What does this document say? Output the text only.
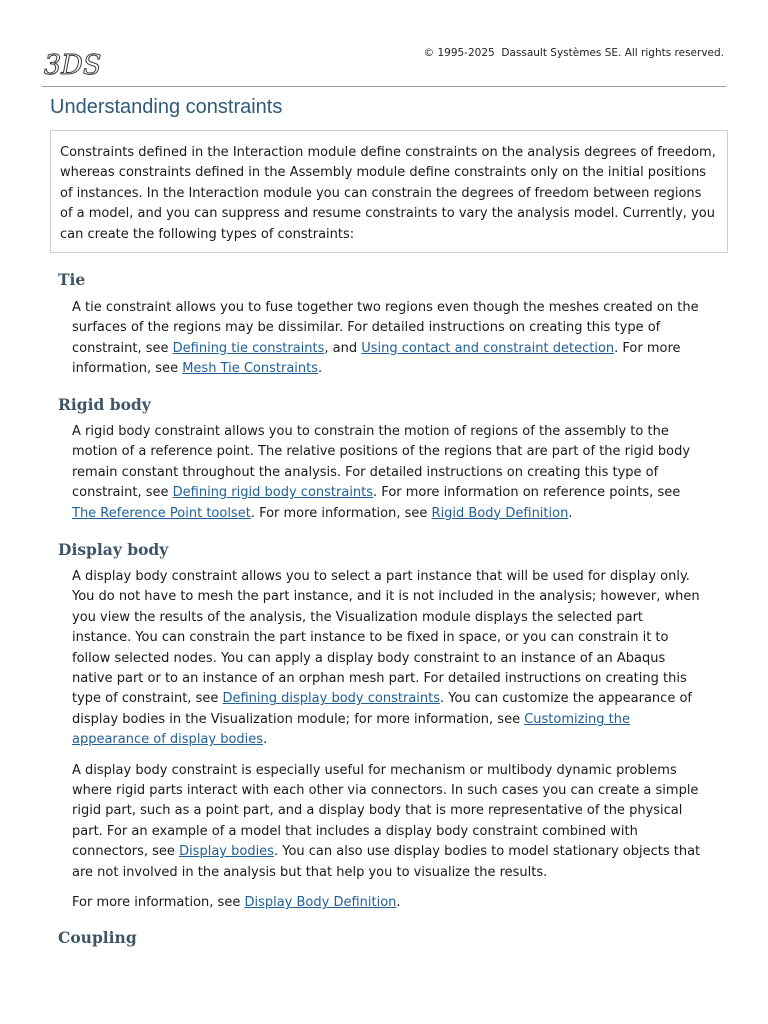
3DS	© 1995-2025  Dassault Systèmes SE. All rights reserved.
Understanding constraints

Constraints defined in the Interaction module define constraints on the analysis degrees of freedom, whereas constraints defined in the Assembly module define constraints only on the initial positions of instances. In the Interaction module you can constrain the degrees of freedom between regions of a model, and you can suppress and resume constraints to vary the analysis model. Currently, you can create the following types of constraints:

Tie

A tie constraint allows you to fuse together two regions even though the meshes created on the surfaces of the regions may be dissimilar. For detailed instructions on creating this type of constraint, see Defining tie constraints, and Using contact and constraint detection. For more information, see Mesh Tie Constraints.

Rigid body

A rigid body constraint allows you to constrain the motion of regions of the assembly to the motion of a reference point. The relative positions of the regions that are part of the rigid body remain constant throughout the analysis. For detailed instructions on creating this type of constraint, see Defining rigid body constraints. For more information on reference points, see The Reference Point toolset. For more information, see Rigid Body Definition.

Display body

A display body constraint allows you to select a part instance that will be used for display only. You do not have to mesh the part instance, and it is not included in the analysis; however, when you view the results of the analysis, the Visualization module displays the selected part instance. You can constrain the part instance to be fixed in space, or you can constrain it to follow selected nodes. You can apply a display body constraint to an instance of an Abaqus native part or to an instance of an orphan mesh part. For detailed instructions on creating this type of constraint, see Defining display body constraints. You can customize the appearance of display bodies in the Visualization module; for more information, see Customizing the appearance of display bodies.

A display body constraint is especially useful for mechanism or multibody dynamic problems where rigid parts interact with each other via connectors. In such cases you can create a simple rigid part, such as a point part, and a display body that is more representative of the physical part. For an example of a model that includes a display body constraint combined with connectors, see Display bodies. You can also use display bodies to model stationary objects that are not involved in the analysis but that help you to visualize the results.

For more information, see Display Body Definition.

Coupling
